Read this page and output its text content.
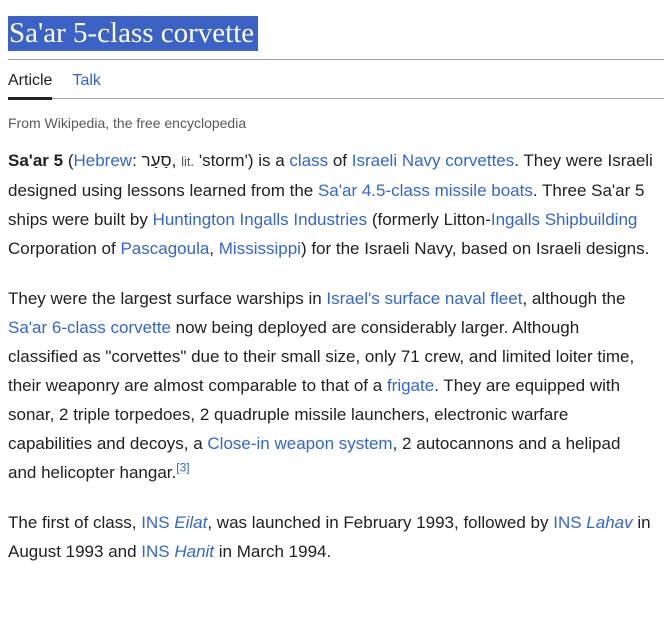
Sa'ar 5-class corvette
Article Talk
From Wikipedia, the free encyclopedia

Sa'ar 5 (Hebrew: סַעַר, lit. 'storm') is a class of Israeli Navy corvettes. They were Israeli designed using lessons learned from the Sa'ar 4.5-class missile boats. Three Sa'ar 5 ships were built by Huntington Ingalls Industries (formerly Litton-Ingalls Shipbuilding Corporation of Pascagoula, Mississippi) for the Israeli Navy, based on Israeli designs.

They were the largest surface warships in Israel's surface naval fleet, although the Sa'ar 6-class corvette now being deployed are considerably larger. Although classified as "corvettes" due to their small size, only 71 crew, and limited loiter time, their weaponry are almost comparable to that of a frigate. They are equipped with sonar, 2 triple torpedoes, 2 quadruple missile launchers, electronic warfare capabilities and decoys, a Close-in weapon system, 2 autocannons and a helipad and helicopter hangar.[3]

The first of class, INS Eilat, was launched in February 1993, followed by INS Lahav in August 1993 and INS Hanit in March 1994.
